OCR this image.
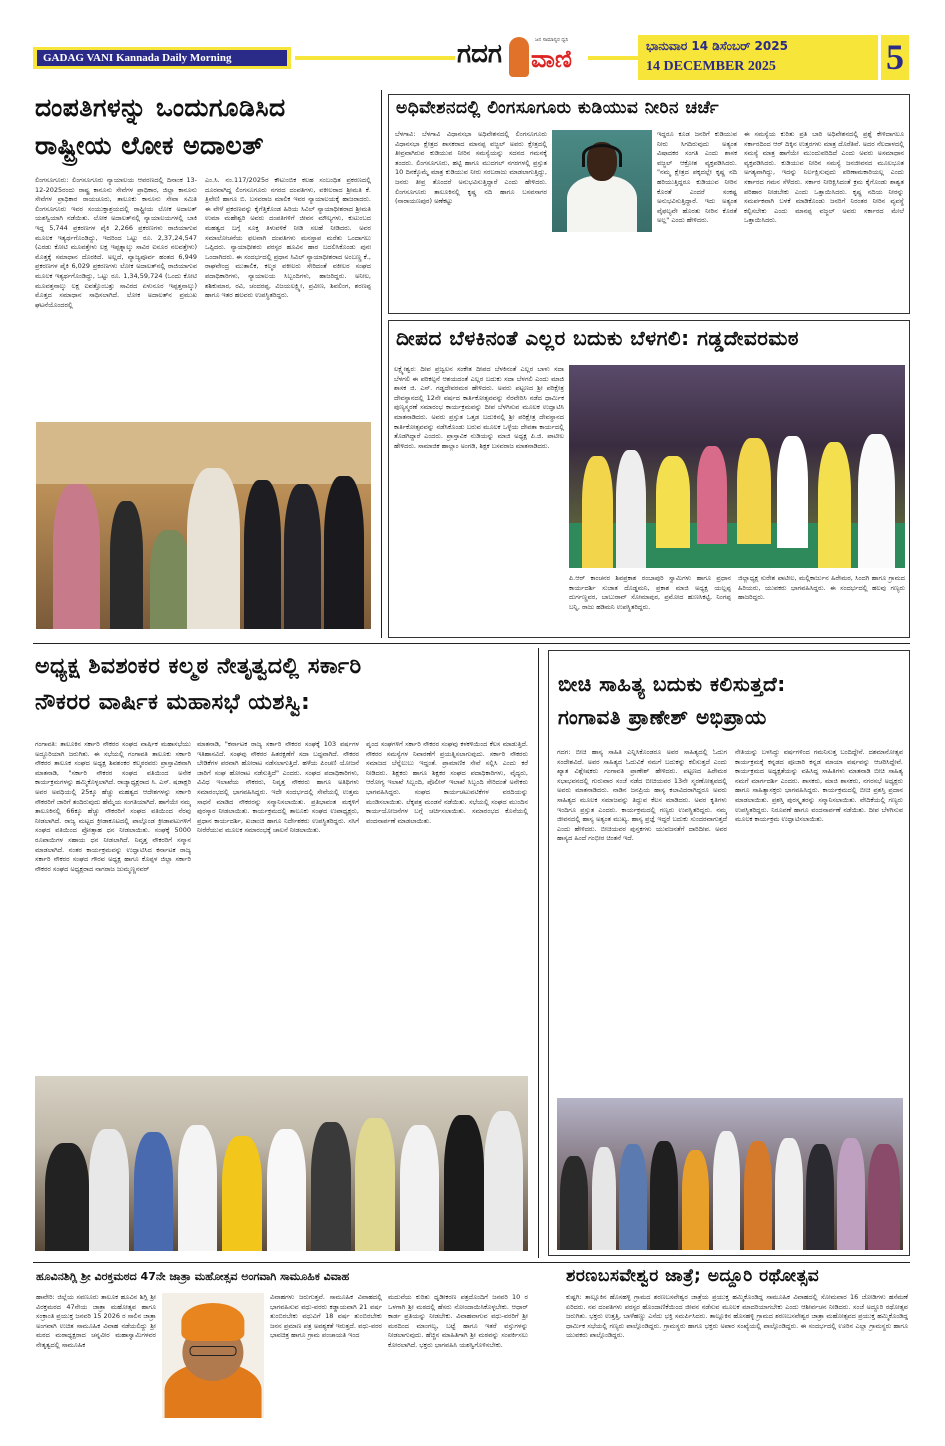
GADAG VANI Kannada Daily Morning	ಗದಗ	ಜನ ಸಾಮಾನ್ಯರ ಧ್ವನಿ
ವಾಣಿ	ಭಾನುವಾರ 14 ಡಿಸೆಂಬರ್ 2025
14 DECEMBER 2025	5
ದಂಪತಿಗಳನ್ನು ಒಂದುಗೂಡಿಸಿದ
ರಾಷ್ಟ್ರೀಯ ಲೋಕ ಅದಾಲತ್
ಲಿಂಗಸೂಗೂರು: ಲಿಂಗಸೂಗೂರು ನ್ಯಾಯಾಲಯ ಆವರಣದಲ್ಲಿ ದಿನಾಂಕ 13-12-2025ರಂದು ರಾಷ್ಟ್ರ ಕಾನೂನು ಸೇವೆಗಳ ಪ್ರಾಧಿಕಾರ, ಜಿಲ್ಲಾ ಕಾನೂನು ಸೇವೆಗಳ ಪ್ರಾಧಿಕಾರ ರಾಯಚೂರು, ತಾಲೂಕು ಕಾನೂನು ಸೇವಾ ಸಮಿತಿ ಲಿಂಗಸೂಗೂರು ಇವರ ಸಂಯುಕ್ತಾಶ್ರಯದಲ್ಲಿ ರಾಷ್ಟ್ರೀಯ ಲೋಕ ಅದಾಲತ್ ಯಶಸ್ವಿಯಾಗಿ ನಡೆಯಿತು. ಲೋಕ ಅದಾಲತ್‌ನಲ್ಲಿ ನ್ಯಾಯಾಲಯಗಳಲ್ಲಿ ಬಾಕಿ ಇದ್ದ 5,744 ಪ್ರಕರಣಗಳ ಪೈಕಿ 2,266 ಪ್ರಕರಣಗಳು ರಾಜಿಯಾಗುವ ಮೂಲಕ ಇತ್ಯರ್ಥಗೊಂಡಿದ್ದು, ಇದರಿಂದ ಒಟ್ಟು ರೂ. 2,37,24,547 (ಎರಡು ಕೋಟಿ ಮೂವತ್ತೇಳು ಲಕ್ಷ ಇಪ್ಪತ್ನಾಲ್ಕು ಸಾವಿರ ಐನೂರ ನಲವತ್ತೇಳು) ಮೊತ್ತಕ್ಕೆ ಸಮಾಧಾನ ದೊರಕಿದೆ. ಅಲ್ಲದೆ, ವ್ಯಾಜ್ಯಪೂರ್ವ ಹಂತದ 6,949 ಪ್ರಕರಣಗಳ ಪೈಕಿ 6,029 ಪ್ರಕರಣಗಳು ಲೋಕ ಅದಾಲತ್‌ನಲ್ಲಿ ರಾಜಿಯಾಗುವ ಮೂಲಕ ಇತ್ಯರ್ಥಗೊಂಡಿದ್ದು, ಒಟ್ಟು ರೂ. 1,34,59,724 (ಒಂದು ಕೋಟಿ ಮೂವತ್ತನಾಲ್ಕು ಲಕ್ಷ ಐವತ್ತೊಂಬತ್ತು ಸಾವಿರದ ಏಳುನೂರ ಇಪ್ಪತ್ತನಾಲ್ಕು) ಮೊತ್ತದ ಸಮಾಧಾನ ಸಾಧಿಸಲಾಗಿದೆ. ಲೋಕ ಅದಾಲತ್‌ನ ಪ್ರಮುಖ ಘಟನೆಯೊಂದರಲ್ಲಿ
ಎಂ.ಸಿ. ನಂ.117/2025ರ ಕೌಟುಂಬಿಕ ಕಲಹ ಸಂಬಂಧಿತ ಪ್ರಕರಣದಲ್ಲಿ ದೂರವಾಗಿದ್ದ ಲಿಂಗಸೂಗೂರು ನಗರದ ದಂಪತಿಗಳು, ವಕೀಲರಾದ ಶ್ರೀಮತಿ ಕೆ. ತ್ರಿವೇಣಿ ಹಾಗೂ ಬಿ. ಬಸವರಾಜ ಮಾಲಿಕ ಇವರ ನ್ಯಾಯಾಲಯಕ್ಕೆ ಹಾಜರಾದರು. ಈ ವೇಳೆ ಪ್ರಕರಣವನ್ನು ಕೈಗೆತ್ತಿಕೊಂಡ ಹಿರಿಯ ಸಿವಿಲ್ ನ್ಯಾಯಾಧೀಶರಾದ ಶ್ರೀಮತಿ ಉಮಾ ಮಹೇಶ್ವರಿ ಅವರು ದಂಪತಿಗಳಿಗೆ ಜೀವನ ಮೌಲ್ಯಗಳು, ಕುಟುಂಬದ ಮಹತ್ವದ ಬಗ್ಗೆ ಸೂಕ್ತ ತಿಳುವಳಿಕೆ ನೀಡಿ ಸಲಹೆ ನೀಡಿದರು. ಅವರ ಸಮಾಲೋಚನೆಯ ಫಲವಾಗಿ ದಂಪತಿಗಳು ಮನಸ್ತಾಪ ಮರೆತು ಒಂದಾಗಲು ಒಪ್ಪಿದರು. ನ್ಯಾಯಾಧೀಶರು ಪರಸ್ಪರ ಹೂವಿನ ಹಾರ ಬದಲಿಸಿಕೊಂಡು ಪುನಃ ಒಂದಾಗಿದರು. ಈ ಸಂದರ್ಭದಲ್ಲಿ ಪ್ರಧಾನ ಸಿವಿಲ್ ನ್ಯಾಯಾಧೀಶರಾದ ಅಂಬಣ್ಣ ಕೆ., ರಾಘವೇಂದ್ರ ಮುತಾಲಿಕ, ಕಲ್ಮಠ ವಕೀಲರು ಸೇರಿದಂತೆ ವಕೀಲರ ಸಂಘದ ಪದಾಧಿಕಾರಿಗಳು, ನ್ಯಾಯಾಲಯ ಸಿಬ್ಬಂದಿಗಳು, ಹಾಜರಿದ್ದರು. ಅನೀಲ, ಶಶಿಕುಮಾರ, ರವಿ, ಚಂದರಪ್ಪ, ವಿಜಯಲಕ್ಷ್ಮೀ, ಪ್ರವೀಣ, ಶಿವಲಿಂಗ, ಶರಣಪ್ಪ ಹಾಗೂ ಇತರ ಹಲವರು ಉಪಸ್ಥಿತರಿದ್ದರು.
ಅಧಿವೇಶನದಲ್ಲಿ ಲಿಂಗಸೂಗೂರು ಕುಡಿಯುವ ನೀರಿನ ಚರ್ಚೆ
ಬೆಳಗಾವಿ: ಬೆಳಗಾವಿ ವಿಧಾನಸಭಾ ಅಧಿವೇಶನದಲ್ಲಿ ಲಿಂಗಸೂಗೂರು ವಿಧಾನಸಭಾ ಕ್ಷೇತ್ರದ ಶಾಸಕರಾದ ಮಾನಪ್ಪ ವಜ್ಜಲ್ ಅವರು ಕ್ಷೇತ್ರದಲ್ಲಿ ತೀವ್ರವಾಗಿರುವ ಕುಡಿಯುವ ನೀರಿನ ಸಮಸ್ಯೆಯನ್ನು ಸದನದ ಗಮನಕ್ಕೆ ತಂದರು. ಲಿಂಗಸೂಗೂರು, ಹಟ್ಟಿ ಹಾಗೂ ಮುದಗಲ್ ನಗರಗಳಲ್ಲಿ ಪ್ರಸ್ತುತ 10 ದಿನಕ್ಕೊಮ್ಮೆ ಮಾತ್ರ ಕುಡಿಯುವ ನೀರು ಸರಬರಾಜು ಮಾಡಲಾಗುತ್ತಿದ್ದು, ಜನರು ತೀವ್ರ ತೊಂದರೆ ಅನುಭವಿಸುತ್ತಿದ್ದಾರೆ ಎಂದು ಹೇಳಿದರು. ಲಿಂಗಸೂಗೂರು ತಾಲೂಕಿನಲ್ಲಿ ಕೃಷ್ಣ ನದಿ ಹಾಗೂ ಬಸವಸಾಗರ (ನಾರಾಯಣಪುರ) ಅಣೆಕಟ್ಟು
ಇದ್ದರೂ ಕೂಡ ಜನರಿಗೆ ಕುಡಿಯುವ ನೀರು ಸಿಗದಿರುವುದು ಅತ್ಯಂತ ವಿಷಾದಕರ ಸಂಗತಿ ಎಂದು ಶಾಸಕ ವಜ್ಜಲ್ ಆಕ್ರೋಶ ವ್ಯಕ್ತಪಡಿಸಿದರು. "ನಮ್ಮ ಕ್ಷೇತ್ರದ ಪಕ್ಕದಲ್ಲೇ ಕೃಷ್ಣ ನದಿ ಹರಿಯುತ್ತಿದ್ದರೂ ಕುಡಿಯುವ ನೀರಿನ ಕೊರತೆ ಎಂದರೆ ಸಂಕಷ್ಟ ಅನುಭವಿಸುತ್ತಿದ್ದಾರೆ. ಇದು ಅತ್ಯಂತ ವೈಫಲ್ಯವೇ ಹೊರತು ನೀರಿನ ಕೊರತೆ ಅಲ್ಲ" ಎಂದು ಹೇಳಿದರು.
ಈ ಸಮಸ್ಯೆಯ ಕುರಿತು ಪ್ರತಿ ಬಾರಿ ಅಧಿವೇಶನದಲ್ಲಿ ಪ್ರಶ್ನೆ ಕೇಳಿದಾಗಲೂ ಸರ್ಕಾರದಿಂದ ಆರ್ ದಿಕ್ಕಿನ ಉತ್ತರಗಳು ಮಾತ್ರ ದೊರೆತಿವೆ. ಅದರ ನೆಲದಾಳದಲ್ಲಿ ಸಮಸ್ಯೆ ಮಾತ್ರ ಹಾಗೆಯೇ ಮುಂದುವರಿದಿದೆ ಎಂದು ಅವರು ಅಸಮಾಧಾನ ವ್ಯಕ್ತಪಡಿಸಿದರು. ಕುಡಿಯುವ ನೀರಿನ ಸಮಸ್ಯೆ ಜನಜೀವನದ ಮೂಲಭೂತ ಅಗತ್ಯವಾಗಿದ್ದು, ಇದನ್ನು ನಿರ್ಲಕ್ಷಿಸುವುದು ಪರಿಣಾಮಕಾರಿಯಲ್ಲ ಎಂದು ಸರ್ಕಾರದ ಗಮನ ಸೆಳೆದರು. ಸರ್ಕಾರ ನೀರಿಕ್ಷಿಸಿದಂತೆ ಕ್ರಮ ಕೈಗೊಂಡು ಶಾಶ್ವತ ಪರಿಹಾರ ನೀಡಬೇಕು ಎಂದು ಒತ್ತಾಯಿಸಿದರು. ಕೃಷ್ಣ ನದಿಯ ನೀರನ್ನು ಸಮರ್ಪಕವಾಗಿ ಬಳಕೆ ಮಾಡಿಕೊಂಡು ಜನರಿಗೆ ನಿರಂತರ ನೀರಿನ ವ್ಯವಸ್ಥೆ ಕಲ್ಪಿಸಬೇಕು ಎಂದು ಮಾನಪ್ಪ ವಜ್ಜಲ್ ಅವರು ಸರ್ಕಾರದ ಮೇಲೆ ಒತ್ತಾಯಿಸಿದರು.
ದೀಪದ ಬೆಳಕಿನಂತೆ ಎಲ್ಲರ ಬದುಕು ಬೆಳಗಲಿ: ಗಡ್ಡದೇವರಮಠ
ಲಕ್ಷ್ಮೇಶ್ವರ: ದೀಪ ಪ್ರಜ್ವಲನ ಸಂಕೇತ ದೀಪದ ಬೆಳಕಿನಂತೆ ಎಲ್ಲರ ಬಾಳು ಸದಾ ಬೆಳಗಲಿ ಈ ಪರಿಕಲ್ಪನೆ ಆಶಯದಂತೆ ಎಲ್ಲರ ಬದುಕು ಸದಾ ಬೆಳಗಲಿ ಎಂದು ಮಾಜಿ ಶಾಸಕ ಜಿ. ಎಸ್. ಗಡ್ಡದೇವರಮಠ ಹೇಳಿದರು. ಅವರು ಪಟ್ಟಣದ ಶ್ರೀ ಪರಿಕ್ಷೇತ್ರ ದೇವಸ್ಥಾನದಲ್ಲಿ 12ನೇ ವರ್ಷದ ಕಾರ್ತಿಕೋತ್ಸವವನ್ನು ನೆರವೇರಿಸಿ ನಡೆದ ಧಾರ್ಮಿಕ ಪುಣ್ಯಸ್ಮರಣೆ ಸಮಾರಂಭ ಕಾರ್ಯಕ್ರಮವನ್ನು ದೀಪ ಬೆಳಗಿಸುವ ಮೂಲಕ ಉದ್ಘಾಟಿಸಿ ಮಾತನಾಡಿದರು. ಅವರು ಪ್ರಸ್ತುತ ಒತ್ತಡ ಬದುಕಿನಲ್ಲಿ ಶ್ರೀ ಪರಿಕ್ಷೇತ್ರ ದೇವಸ್ಥಾನದ ಕಾರ್ತಿಕೋತ್ಸವವನ್ನು ನಡೆಸಿಕೊಂಡು ಬರುವ ಮೂಲಕ ಒಳ್ಳೆಯ ದೇವತಾ ಕಾರ್ಯದಲ್ಲಿ ತೊಡಗಿದ್ದಾರೆ ಎಂದರು. ಪ್ರಾಸ್ತಾವಿಕ ನುಡಿಯನ್ನು ಮಾಜಿ ಅಧ್ಯಕ್ಷ ಪಿ.ಜಿ. ಪಾಟೀಲ ಹೇಳಿದರು. ಸಾಮಾಜಿಕ ಹಾಲ್ಲಾಂ ಅಂಗಡಿ, ಶಿಕ್ಷಕ ಬಸವರಾಜ ಮಾತನಾಡಿದರು.
ಪಿ.ಆರ್ ಕಾಂಚನರ ಶಿವಪ್ರಕಾಶ ರಂಬಾಪುರಿ ಸ್ವಾಮಿಗಳು ಹಾಗೂ ಪ್ರಧಾನ ಕಾರ್ಯದರ್ಶಿ ಸುಜಾತ ದೊಡ್ಡಮನಿ, ಪ್ರಕಾಶ ಮಾಜಿ ಅಧ್ಯಕ್ಷ ಯಲ್ಲಪ್ಪ ದುರ್ಗಣ್ಣವರ, ಬಾಬುರಾವ್ ಸೋಮಾಪುರ, ಪ್ರಮೋದ ಹುಣಸಿಕಟ್ಟಿ, ನಿಂಗಪ್ಪ ಬನ್ನಿ, ರಾಜು ಹಡಿಮನಿ ಉಪಸ್ಥಿತರಿದ್ದರು.
ಜಿಲ್ಲಾಧ್ಯಕ್ಷ ಸುರೇಶ ಪಾಟೀಲ, ಮಲ್ಲಿಕಾರ್ಜುನ ಹಿರೇಮಠ, ಸಿಂದಗಿ ಹಾಗೂ ಗ್ರಾಮದ ಹಿರಿಯರು, ಯುವಕರು ಭಾಗವಹಿಸಿದ್ದರು. ಈ ಸಂದರ್ಭದಲ್ಲಿ ಹಲವು ಗಣ್ಯರು ಹಾಜರಿದ್ದರು.
ಅಧ್ಯಕ್ಷ ಶಿವಶಂಕರ ಕಲ್ಮಠ ನೇತೃತ್ವದಲ್ಲಿ ಸರ್ಕಾರಿ
ನೌಕರರ ವಾರ್ಷಿಕ ಮಹಾಸಭೆ ಯಶಸ್ವಿ:
ಗಂಗಾವತಿ: ತಾಲೂಕಿನ ಸರ್ಕಾರಿ ನೌಕರರ ಸಂಘದ ವಾರ್ಷಿಕ ಮಹಾಸಭೆಯು ಅದ್ದೂರಿಯಾಗಿ ಜರುಗಿತು. ಈ ಸಭೆಯಲ್ಲಿ ಗಂಗಾವತಿ ತಾಲೂಕು ಸರ್ಕಾರಿ ನೌಕರರ ತಾಲೂಕ ಸಂಘದ ಅಧ್ಯಕ್ಷ ಶಿವಶಂಕರ ಕಲ್ಮಠರವರು ಪ್ರಾಸ್ತಾವಿಕವಾಗಿ ಮಾತನಾಡಿ, "ಸರ್ಕಾರಿ ನೌಕರರ ಸಂಘದ ವತಿಯಿಂದ ಅನೇಕ ಕಾರ್ಯಕ್ರಮಗಳನ್ನು ಹಮ್ಮಿಕೊಳ್ಳಲಾಗಿದೆ. ರಾಜ್ಯಾಧ್ಯಕ್ಷರಾದ ಸಿ. ಎಸ್. ಷಡಾಕ್ಷರಿ ಅವರ ಅವಧಿಯಲ್ಲಿ 25ಕ್ಕೂ ಹೆಚ್ಚು ಮಹತ್ವದ ಆದೇಶಗಳನ್ನು ಸರ್ಕಾರಿ ನೌಕರರಿಗೆ ಜಾರಿಗೆ ತಂದಿರುವುದು ಹೆಮ್ಮೆಯ ಸಂಗತಿಯಾಗಿದೆ. ಹಾಗೆಯೇ ನಮ್ಮ ತಾಲೂಕಿನಲ್ಲಿ 66ಕ್ಕೂ ಹೆಚ್ಚು ನೌಕರರಿಗೆ ಸಂಘದ ವತಿಯಿಂದ ನೆರವು ನೀಡಲಾಗಿದೆ. ರಾಜ್ಯ ಮಟ್ಟದ ಕ್ರೀಡಾಕೂಟದಲ್ಲಿ ಪಾಲ್ಗೊಂಡ ಕ್ರೀಡಾಪಟುಗಳಿಗೆ ಸಂಘದ ವತಿಯಿಂದ ಪ್ರೋತ್ಸಾಹ ಧನ ನೀಡಲಾಯಿತು. ಸಂಘಕ್ಕೆ 5000 ರೂಪಾಯಿಗಳ ಸಹಾಯ ಧನ ನೀಡಲಾಗಿದೆ. ನಿವೃತ್ತ ನೌಕರರಿಗೆ ಸನ್ಮಾನ ಮಾಡಲಾಗಿದೆ. ನಂತರ ಕಾರ್ಯಕ್ರಮವನ್ನು ಉದ್ಘಾಟಿಸಿದ ಕರ್ನಾಟಕ ರಾಜ್ಯ ಸರ್ಕಾರಿ ನೌಕರರ ಸಂಘದ ಗೌರವ ಅಧ್ಯಕ್ಷ ಹಾಗೂ ಕೊಪ್ಪಳ ಜಿಲ್ಲಾ ಸರ್ಕಾರಿ ನೌಕರರ ಸಂಘದ ಅಧ್ಯಕ್ಷರಾದ ನಾಗರಾಜ ಜುಮ್ಮಣ್ಣನವರ್
ಮಾತನಾಡಿ, "ಕರ್ನಾಟಕ ರಾಜ್ಯ ಸರ್ಕಾರಿ ನೌಕರರ ಸಂಘಕ್ಕೆ 103 ವರ್ಷಗಳ ಇತಿಹಾಸವಿದೆ. ಸಂಘವು ನೌಕರರ ಹಿತರಕ್ಷಣೆಗೆ ಸದಾ ಬದ್ಧವಾಗಿದೆ. ನೌಕರರ ಬೇಡಿಕೆಗಳ ಪರವಾಗಿ ಹೋರಾಟ ನಡೆಸಲಾಗುತ್ತಿದೆ. ಹಳೆಯ ಪಿಂಚಣಿ ಯೋಜನೆ ಜಾರಿಗೆ ಸಂಘ ಹೋರಾಟ ನಡೆಸುತ್ತಿದೆ" ಎಂದರು. ಸಂಘದ ಪದಾಧಿಕಾರಿಗಳು, ವಿವಿಧ ಇಲಾಖೆಯ ನೌಕರರು, ನಿವೃತ್ತ ನೌಕರರು ಹಾಗೂ ಅತಿಥಿಗಳು ಸಮಾರಂಭದಲ್ಲಿ ಭಾಗವಹಿಸಿದ್ದರು. ಇದೇ ಸಂದರ್ಭದಲ್ಲಿ ಸೇವೆಯಲ್ಲಿ ಉತ್ತಮ ಸಾಧನೆ ಮಾಡಿದ ನೌಕರರನ್ನು ಸನ್ಮಾನಿಸಲಾಯಿತು. ಪ್ರತಿಭಾವಂತ ಮಕ್ಕಳಿಗೆ ಪುರಸ್ಕಾರ ನೀಡಲಾಯಿತು. ಕಾರ್ಯಕ್ರಮದಲ್ಲಿ ತಾಲೂಕು ಸಂಘದ ಉಪಾಧ್ಯಕ್ಷರು, ಪ್ರಧಾನ ಕಾರ್ಯದರ್ಶಿ, ಖಜಾಂಚಿ ಹಾಗೂ ನಿರ್ದೇಶಕರು ಉಪಸ್ಥಿತರಿದ್ದರು. ಸಸಿಗೆ ನೀರೆರೆಯುವ ಮೂಲಕ ಸಮಾರಂಭಕ್ಕೆ ಚಾಲನೆ ನೀಡಲಾಯಿತು.
ವೃಂದ ಸಂಘಗಳಿಗೆ ಸರ್ಕಾರಿ ನೌಕರರ ಸಂಘವು ಕಳಕಳಿಯಿಂದ ಕೆಲಸ ಮಾಡುತ್ತಿದೆ. ನೌಕರರ ಸಮಸ್ಯೆಗಳ ನಿವಾರಣೆಗೆ ಪ್ರಯತ್ನಿಸಲಾಗುವುದು. ಸರ್ಕಾರಿ ನೌಕರರು ಸಮಾಜದ ಬೆನ್ನೆಲುಬು ಇದ್ದಂತೆ. ಪ್ರಾಮಾಣಿಕ ಸೇವೆ ಸಲ್ಲಿಸಿ ಎಂದು ಕರೆ ನೀಡಿದರು. ಶಿಕ್ಷಕರು ಹಾಗೂ ಶಿಕ್ಷಕರ ಸಂಘದ ಪದಾಧಿಕಾರಿಗಳು, ವೈದ್ಯರು, ಆರೋಗ್ಯ ಇಲಾಖೆ ಸಿಬ್ಬಂದಿ, ಪೊಲೀಸ್ ಇಲಾಖೆ ಸಿಬ್ಬಂದಿ ಸೇರಿದಂತೆ ಅನೇಕರು ಭಾಗವಹಿಸಿದ್ದರು. ಸಂಘದ ಕಾರ್ಯಚಟುವಟಿಕೆಗಳ ವರದಿಯನ್ನು ಮಂಡಿಸಲಾಯಿತು. ಲೆಕ್ಕಪತ್ರ ಮಂಡನೆ ನಡೆಯಿತು. ಸಭೆಯಲ್ಲಿ ಸಂಘದ ಮುಂದಿನ ಕಾರ್ಯಯೋಜನೆಗಳ ಬಗ್ಗೆ ಚರ್ಚಿಸಲಾಯಿತು. ಸಮಾರಂಭದ ಕೊನೆಯಲ್ಲಿ ವಂದನಾರ್ಪಣೆ ಮಾಡಲಾಯಿತು.
ಬೀಚಿ ಸಾಹಿತ್ಯ ಬದುಕು ಕಲಿಸುತ್ತದೆ:
ಗಂಗಾವತಿ ಪ್ರಾಣೇಶ್ ಅಭಿಪ್ರಾಯ
ಗದಗ: ಬೀಚಿ ಹಾಸ್ಯ ಸಾಹಿತಿ ಎನ್ನಿಸಿಕೊಂಡರೂ ಅವರ ಸಾಹಿತ್ಯದಲ್ಲಿ ಓದುಗ ಸಂದೇಶವಿದೆ. ಅವರ ಸಾಹಿತ್ಯದ ಓದುವಿಕೆ ನಮಗೆ ಬದುಕನ್ನು ಕಲಿಸುತ್ತದೆ ಎಂದು ಖ್ಯಾತ ವಿಶ್ಲೇಷಕರು ಗಂಗಾವತಿ ಪ್ರಾಣೇಶ್ ಹೇಳಿದರು. ಪಟ್ಟಣದ ಹಿರೇಮಠ ಸಭಾಭವನದಲ್ಲಿ ಗುರುವಾರ ಸಂಜೆ ನಡೆದ ಬೀಚಿಯವರ 13ನೇ ಸ್ಮರಣೋತ್ಸವದಲ್ಲಿ ಅವರು ಮಾತನಾಡಿದರು. ನಾಡಿನ ಜನಪ್ರಿಯ ಹಾಸ್ಯ ಕಲಾವಿದರಾಗಿದ್ದರೂ ಅವರು ಸಾಹಿತ್ಯದ ಮೂಲಕ ಸಮಾಜವನ್ನು ತಿದ್ದುವ ಕೆಲಸ ಮಾಡಿದರು. ಅವರ ಕೃತಿಗಳು ಇಂದಿಗೂ ಪ್ರಸ್ತುತ ಎಂದರು. ಕಾರ್ಯಕ್ರಮದಲ್ಲಿ ಗಣ್ಯರು ಉಪಸ್ಥಿತರಿದ್ದರು. ನಮ್ಮ ಜೀವನದಲ್ಲಿ ಹಾಸ್ಯ ಅತ್ಯಂತ ಮುಖ್ಯ. ಹಾಸ್ಯ ಪ್ರಜ್ಞೆ ಇದ್ದರೆ ಬದುಕು ಸುಂದರವಾಗುತ್ತದೆ ಎಂದು ಹೇಳಿದರು. ಬೀಚಿಯವರ ಪುಸ್ತಕಗಳು ಯುವಜನತೆಗೆ ದಾರಿದೀಪ. ಅವರ ಹಾಸ್ಯದ ಹಿಂದೆ ಗಂಭೀರ ಚಿಂತನೆ ಇದೆ.
ನೇತಿಯನ್ನು ಬಳಸಿದ್ದು ವರ್ಷಗಳಿಂದ ಗಮನಿಸುತ್ತ ಬಂದಿದ್ದೇನೆ. ದಶಮಾನೋತ್ಸವ ಕಾರ್ಯಕ್ರಮಕ್ಕೆ ಕನ್ನಡದ ಪೂಜಾರಿ ಕನ್ನಡ ಮಾಯಾ ವರ್ಷವನ್ನು ಆಚರಿಸಿದ್ದೇವೆ. ಕಾರ್ಯಕ್ರಮದ ಅಧ್ಯಕ್ಷತೆಯನ್ನು ವಹಿಸಿದ್ದ ಸಾಹಿತಿಗಳು ಮಾತನಾಡಿ ಬೀಚಿ ಸಾಹಿತ್ಯ ನಮಗೆ ಮಾರ್ಗದರ್ಶಿ ಎಂದರು. ಶಾಸಕರು, ಮಾಜಿ ಶಾಸಕರು, ನಗರಸಭೆ ಅಧ್ಯಕ್ಷರು ಹಾಗೂ ಸಾಹಿತ್ಯಾಸಕ್ತರು ಭಾಗವಹಿಸಿದ್ದರು. ಕಾರ್ಯಕ್ರಮದಲ್ಲಿ ಬೀಚಿ ಪ್ರಶಸ್ತಿ ಪ್ರದಾನ ಮಾಡಲಾಯಿತು. ಪ್ರಶಸ್ತಿ ಪುರಸ್ಕೃತರನ್ನು ಸನ್ಮಾನಿಸಲಾಯಿತು. ವೇದಿಕೆಯಲ್ಲಿ ಗಣ್ಯರು ಉಪಸ್ಥಿತರಿದ್ದರು. ನಿರೂಪಣೆ ಹಾಗೂ ವಂದನಾರ್ಪಣೆ ನಡೆಯಿತು. ದೀಪ ಬೆಳಗಿಸುವ ಮೂಲಕ ಕಾರ್ಯಕ್ರಮ ಉದ್ಘಾಟಿಸಲಾಯಿತು.
ಹೂವಿನಶಿಗ್ಲಿ ಶ್ರೀ ವಿರಕ್ತಮಠದ 47ನೇ ಜಾತ್ರಾ ಮಹೋತ್ಸವ ಅಂಗವಾಗಿ ಸಾಮೂಹಿಕ ವಿವಾಹ
ಹಾವೇರಿ: ಜಿಲ್ಲೆಯ ಸವಣೂರು ತಾಲೂಕ ಹೂವಿನ ಶಿಗ್ಲಿ ಶ್ರೀ ವಿರಕ್ತಮಠದ 47ನೇಯ ಜಾತ್ರಾ ಮಹೋತ್ಸವ ಹಾಗೂ ಸಂಕ್ರಾಂತಿ ಪ್ರಯುಕ್ತ ಜನವರಿ 15 2026 ರ ಸಾಲಿನ ಜಾತ್ರಾ ಅಂಗವಾಗಿ ಉಚಿತ ಸಾಮೂಹಿಕ ವಿವಾಹ ನಡೆಯಲಿದ್ದು ಶ್ರೀ ಮಠದ ಮಠಾಧ್ಯಕ್ಷರಾದ ಚನ್ನವೀರ ಮಹಾಸ್ವಾಮಿಗಳವರ ನೇತೃತ್ವದಲ್ಲಿ ಸಾಮೂಹಿಕ
ವಿವಾಹಗಳು ಜರುಗುತ್ತವೆ. ಸಾಮೂಹಿಕ ವಿವಾಹದಲ್ಲಿ ಭಾಗವಹಿಸುವ ವಧು-ವರರು ಕಡ್ಡಾಯವಾಗಿ 21 ವರ್ಷ ತುಂಬಿರಬೇಕು ವಧುವಿಗೆ 18 ವರ್ಷ ತುಂಬಿರಬೇಕು ಜನನ ಪ್ರಮಾಣ ಪತ್ರ ಅವಶ್ಯಕತೆ ಇರುತ್ತದೆ. ವಧು-ವರರ ಭಾವಚಿತ್ರ ಹಾಗೂ ಗ್ರಾಮ ಪಂಚಾಯತಿ ಇಂದ
ಮದುವೆಯ ಕುರಿತು ಧೃಡೀಕರಣ ಪತ್ರದೊಂದಿಗೆ ಜನವರಿ 10 ರ ಒಳಗಾಗಿ ಶ್ರೀ ಮಠದಲ್ಲಿ ಹೆಸರು ನೋಂದಾಯಿಸಿಕೊಳ್ಳಬೇಕು. ಆಧಾರ್ ಕಾರ್ಡ ಪ್ರತಿಯನ್ನು ನೀಡಬೇಕು. ವಿವಾಹವಾಗುವ ವಧು-ವರರಿಗೆ ಶ್ರೀ ಮಠದಿಂದ ಮಾಂಗಲ್ಯ, ಬಟ್ಟೆ ಹಾಗೂ ಇತರೆ ವಸ್ತುಗಳನ್ನು ನೀಡಲಾಗುವುದು. ಹೆಚ್ಚಿನ ಮಾಹಿತಿಗಾಗಿ ಶ್ರೀ ಮಠವನ್ನು ಸಂಪರ್ಕಿಸಲು ಕೋರಲಾಗಿದೆ. ಭಕ್ತರು ಭಾಗವಹಿಸಿ ಯಶಸ್ವಿಗೊಳಿಸಬೇಕು.
ಶರಣಬಸವೇಶ್ವರ ಜಾತ್ರೆ; ಅದ್ದೂರಿ ರಥೋತ್ಸವ
ಕುಷ್ಟಗಿ: ತಾಲ್ಲೂಕಿನ ಹೊಸಹಳ್ಳಿ ಗ್ರಾಮದ ಶರಣಬಸವೇಶ್ವರ ಜಾತ್ರೆಯ ಪ್ರಯುಕ್ತ ಹಮ್ಮಿಕೊಂಡಿದ್ದ ಸಾಮೂಹಿಕ ವಿವಾಹದಲ್ಲಿ ಸೋಮವಾರ 16 ಜೋಡಿಗಳು ಹಸೆಮಣೆ ಏರಿದರು. ನವ ದಂಪತಿಗಳು ಪರಸ್ಪರ ಹೊಂದಾಣಿಕೆಯಿಂದ ಜೀವನ ನಡೆಸುವ ಮೂಲಕ ಮಾದರಿಯಾಗಬೇಕು ಎಂದು ಆಶೀರ್ವಚನ ನೀಡಿದರು. ಸಂಜೆ ಅದ್ದೂರಿ ರಥೋತ್ಸವ ಜರುಗಿತು. ಭಕ್ತರು ಉತ್ತತ್ತಿ, ಬಾಳೆಹಣ್ಣು ಎಸೆದು ಭಕ್ತಿ ಸಮರ್ಪಿಸಿದರು. ತಾಲ್ಲೂಕಿನ ಹೊಸಹಳ್ಳಿ ಗ್ರಾಮದ ಶರಣಬಸವೇಶ್ವರ ಜಾತ್ರಾ ಮಹೋತ್ಸವದ ಪ್ರಯುಕ್ತ ಹಮ್ಮಿಕೊಂಡಿದ್ದ ಧಾರ್ಮಿಕ ಸಭೆಯಲ್ಲಿ ಗಣ್ಯರು ಪಾಲ್ಗೊಂಡಿದ್ದರು. ಗ್ರಾಮಸ್ಥರು ಹಾಗೂ ಭಕ್ತರು ಅಪಾರ ಸಂಖ್ಯೆಯಲ್ಲಿ ಪಾಲ್ಗೊಂಡಿದ್ದರು. ಈ ಸಂದರ್ಭದಲ್ಲಿ ಊರಿನ ಎಲ್ಲಾ ಗ್ರಾಮಸ್ಥರು ಹಾಗೂ ಯುವಕರು ಪಾಲ್ಗೊಂಡಿದ್ದರು.
